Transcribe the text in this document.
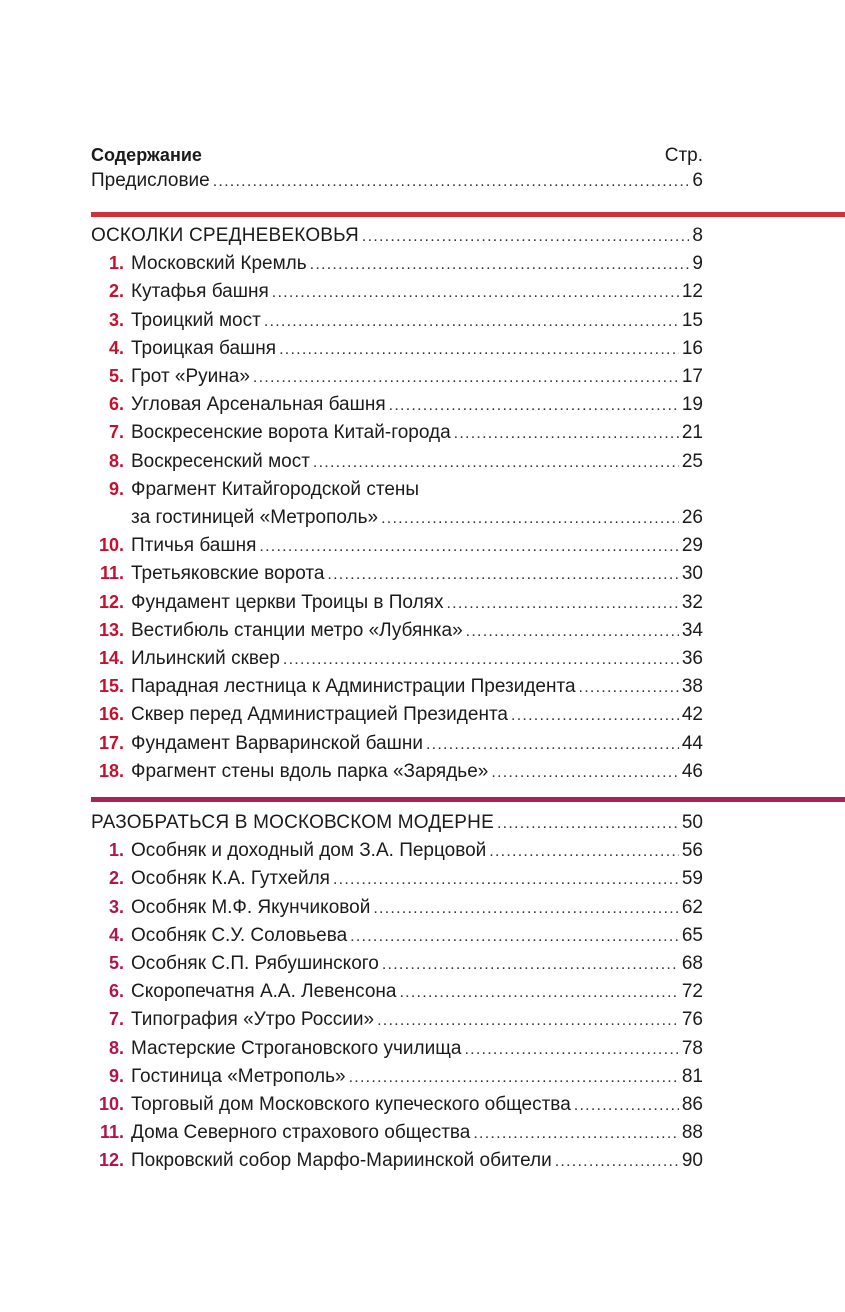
Содержание	Стр.
Предисловие . . .	6
ОСКОЛКИ СРЕДНЕВЕКОВЬЯ . . .	8
1. Московский Кремль . . .	9
2. Кутафья башня . . .	12
3. Троицкий мост . . .	15
4. Троицкая башня . . .	16
5. Грот «Руина» . . .	17
6. Угловая Арсенальная башня . . .	19
7. Воскресенские ворота Китай-города . . .	21
8. Воскресенский мост . . .	25
9. Фрагмент Китайгородской стены
за гостиницей «Метрополь» . . .	26
10. Птичья башня . . .	29
11. Третьяковские ворота . . .	30
12. Фундамент церкви Троицы в Полях . . .	32
13. Вестибюль станции метро «Лубянка» . . .	34
14. Ильинский сквер . . .	36
15. Парадная лестница к Администрации Президента . . .	38
16. Сквер перед Администрацией Президента . . .	42
17. Фундамент Варваринской башни . . .	44
18. Фрагмент стены вдоль парка «Зарядье» . . .	46
РАЗОБРАТЬСЯ В МОСКОВСКОМ МОДЕРНЕ . . .	50
1. Особняк и доходный дом З.А. Перцовой . . .	56
2. Особняк К.А. Гутхейля . . .	59
3. Особняк М.Ф. Якунчиковой . . .	62
4. Особняк С.У. Соловьева . . .	65
5. Особняк С.П. Рябушинского . . .	68
6. Скоропечатня А.А. Левенсона . . .	72
7. Типография «Утро России» . . .	76
8. Мастерские Строгановского училища . . .	78
9. Гостиница «Метрополь» . . .	81
10. Торговый дом Московского купеческого общества . . .	86
11. Дома Северного страхового общества . . .	88
12. Покровский собор Марфо-Мариинской обители . . .	90
